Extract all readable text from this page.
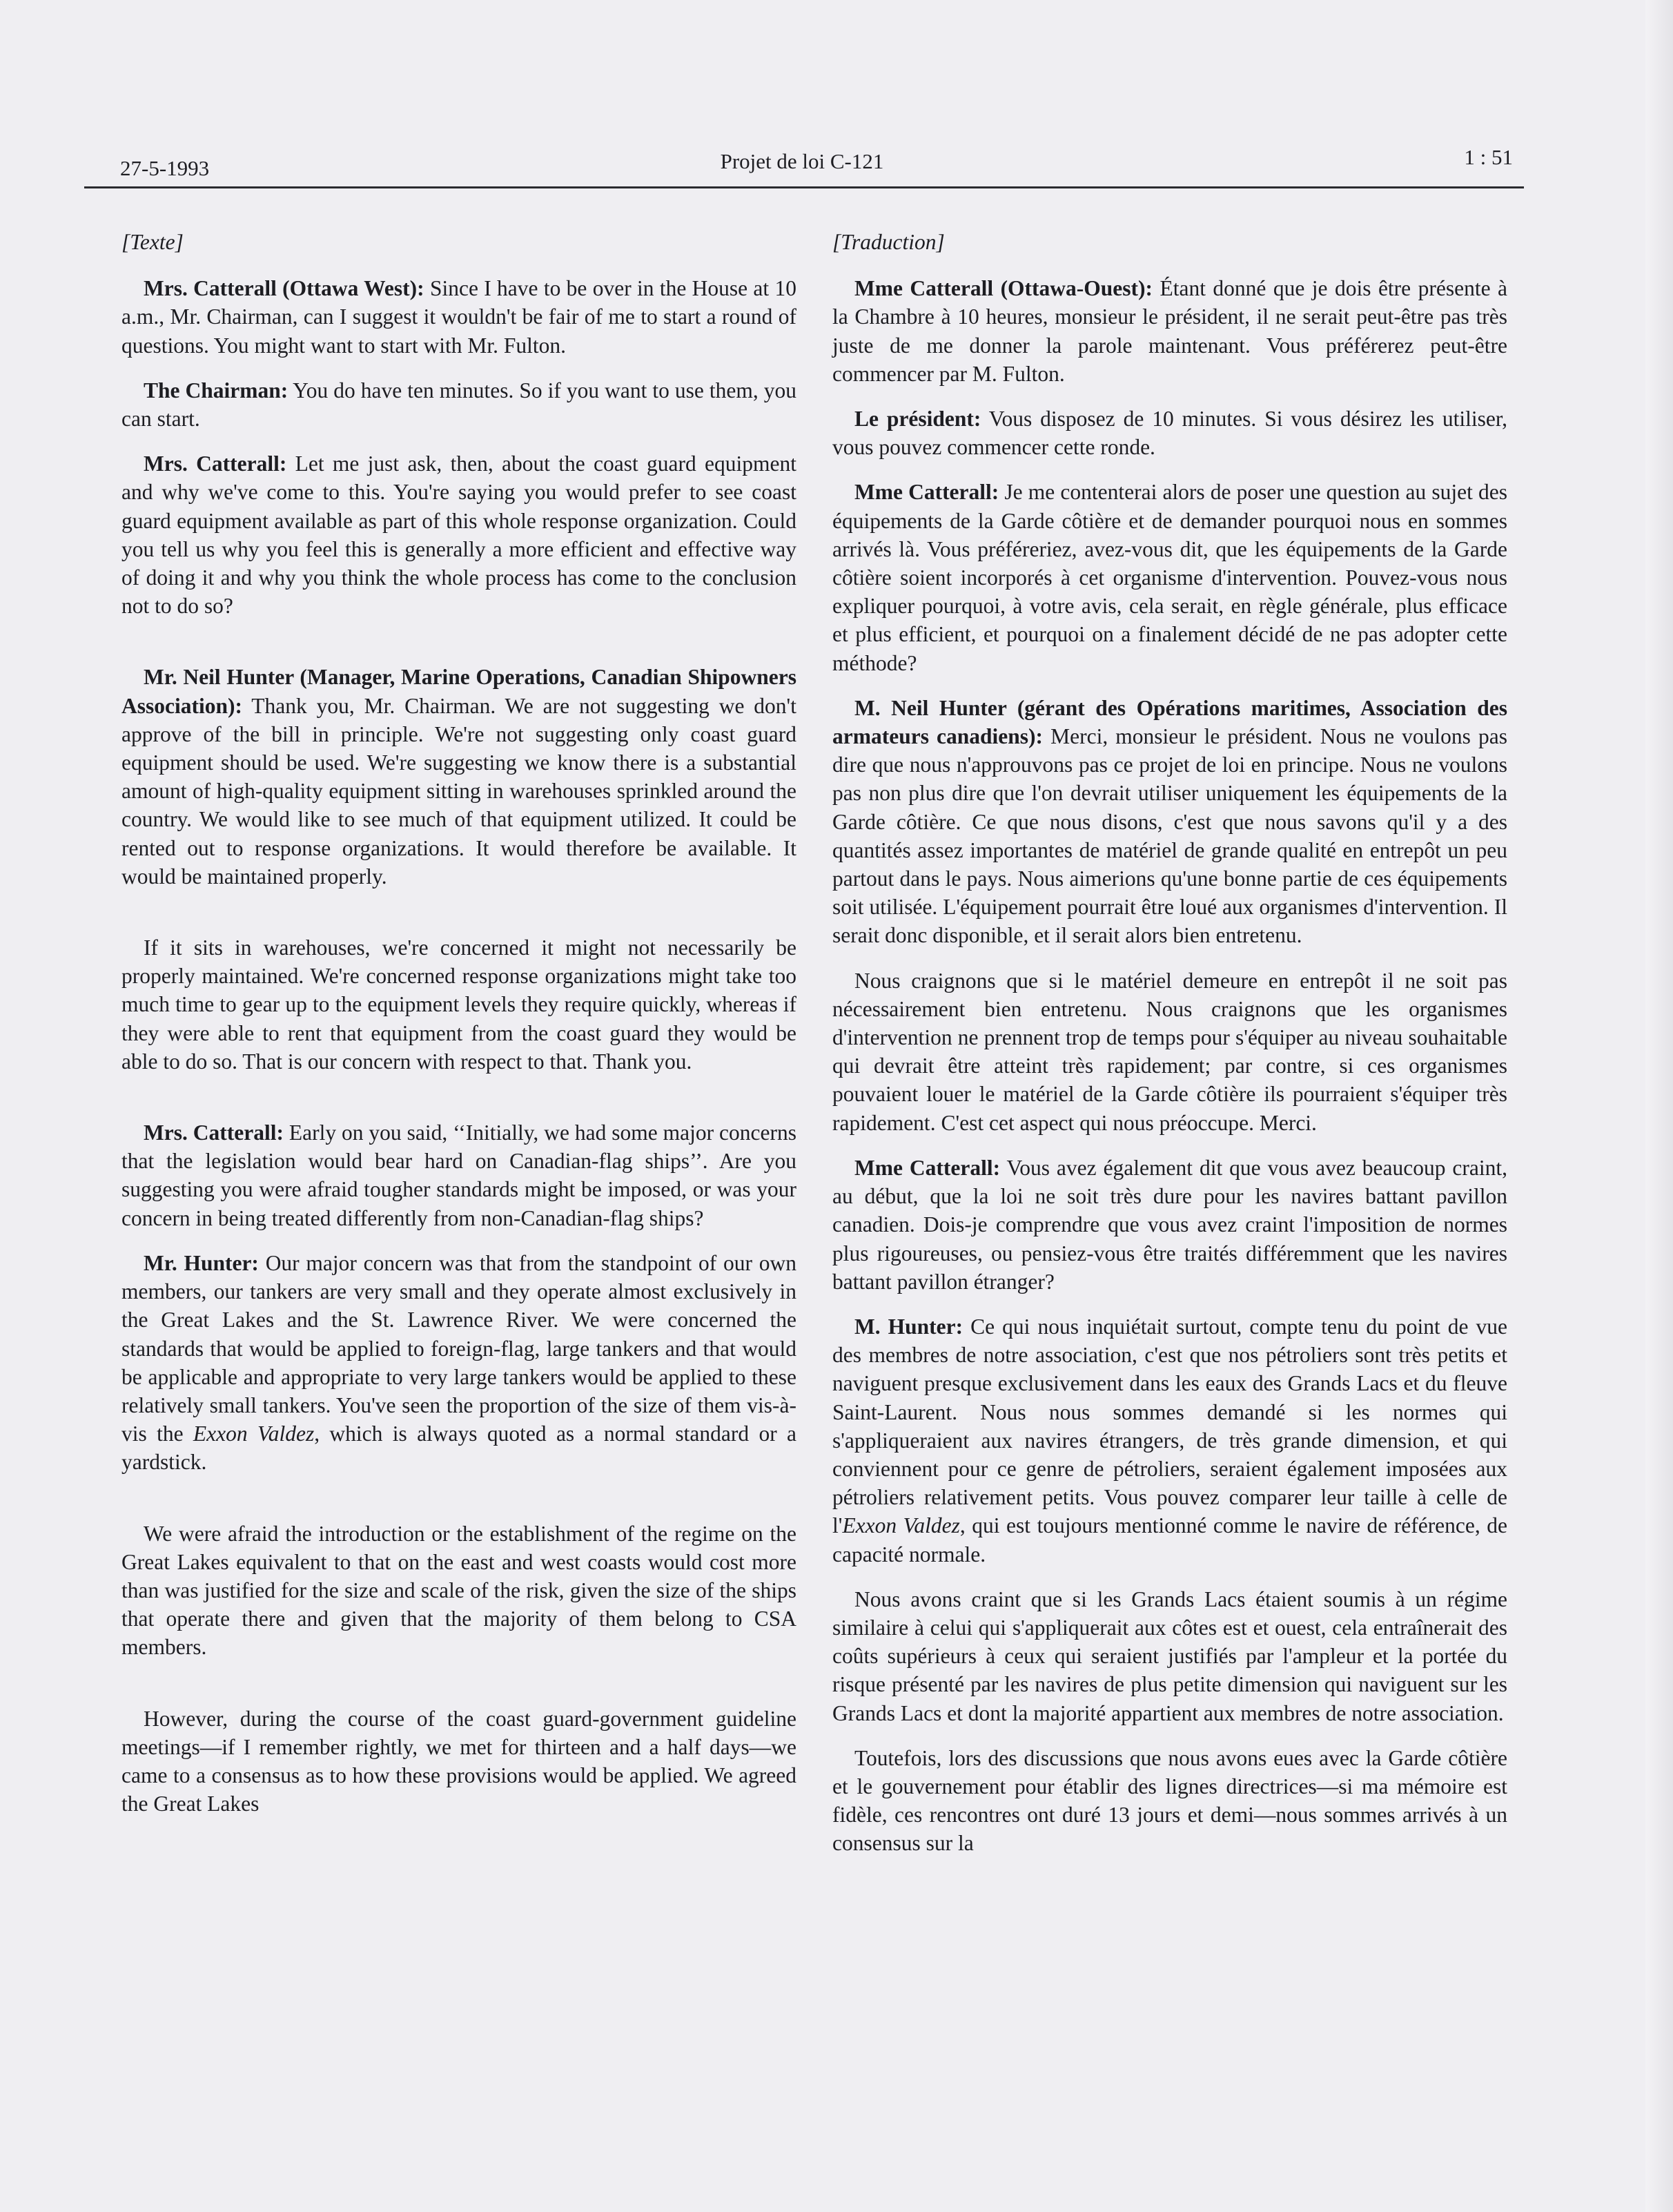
27-5-1993	Projet de loi C-121	1 : 51

[Texte]

Mrs. Catterall (Ottawa West): Since I have to be over in the House at 10 a.m., Mr. Chairman, can I suggest it wouldn't be fair of me to start a round of questions. You might want to start with Mr. Fulton.

The Chairman: You do have ten minutes. So if you want to use them, you can start.

Mrs. Catterall: Let me just ask, then, about the coast guard equipment and why we've come to this. You're saying you would prefer to see coast guard equipment available as part of this whole response organization. Could you tell us why you feel this is generally a more efficient and effective way of doing it and why you think the whole process has come to the conclusion not to do so?

Mr. Neil Hunter (Manager, Marine Operations, Canadian Shipowners Association): Thank you, Mr. Chairman. We are not suggesting we don't approve of the bill in principle. We're not suggesting only coast guard equipment should be used. We're suggesting we know there is a substantial amount of high-quality equipment sitting in warehouses sprinkled around the country. We would like to see much of that equipment utilized. It could be rented out to response organizations. It would therefore be available. It would be maintained properly.

If it sits in warehouses, we're concerned it might not necessarily be properly maintained. We're concerned response organizations might take too much time to gear up to the equipment levels they require quickly, whereas if they were able to rent that equipment from the coast guard they would be able to do so. That is our concern with respect to that. Thank you.

Mrs. Catterall: Early on you said, ‘‘Initially, we had some major concerns that the legislation would bear hard on Canadian-flag ships’’. Are you suggesting you were afraid tougher standards might be imposed, or was your concern in being treated differently from non-Canadian-flag ships?

Mr. Hunter: Our major concern was that from the standpoint of our own members, our tankers are very small and they operate almost exclusively in the Great Lakes and the St. Lawrence River. We were concerned the standards that would be applied to foreign-flag, large tankers and that would be applicable and appropriate to very large tankers would be applied to these relatively small tankers. You've seen the proportion of the size of them vis-à-vis the Exxon Valdez, which is always quoted as a normal standard or a yardstick.

We were afraid the introduction or the establishment of the regime on the Great Lakes equivalent to that on the east and west coasts would cost more than was justified for the size and scale of the risk, given the size of the ships that operate there and given that the majority of them belong to CSA members.

However, during the course of the coast guard-government guideline meetings—if I remember rightly, we met for thirteen and a half days—we came to a consensus as to how these provisions would be applied. We agreed the Great Lakes

[Traduction]

Mme Catterall (Ottawa-Ouest): Étant donné que je dois être présente à la Chambre à 10 heures, monsieur le président, il ne serait peut-être pas très juste de me donner la parole maintenant. Vous préférerez peut-être commencer par M. Fulton.

Le président: Vous disposez de 10 minutes. Si vous désirez les utiliser, vous pouvez commencer cette ronde.

Mme Catterall: Je me contenterai alors de poser une question au sujet des équipements de la Garde côtière et de demander pourquoi nous en sommes arrivés là. Vous préféreriez, avez-vous dit, que les équipements de la Garde côtière soient incorporés à cet organisme d'intervention. Pouvez-vous nous expliquer pourquoi, à votre avis, cela serait, en règle générale, plus efficace et plus efficient, et pourquoi on a finalement décidé de ne pas adopter cette méthode?

M. Neil Hunter (gérant des Opérations maritimes, Association des armateurs canadiens): Merci, monsieur le président. Nous ne voulons pas dire que nous n'approuvons pas ce projet de loi en principe. Nous ne voulons pas non plus dire que l'on devrait utiliser uniquement les équipements de la Garde côtière. Ce que nous disons, c'est que nous savons qu'il y a des quantités assez importantes de matériel de grande qualité en entrepôt un peu partout dans le pays. Nous aimerions qu'une bonne partie de ces équipements soit utilisée. L'équipement pourrait être loué aux organismes d'intervention. Il serait donc disponible, et il serait alors bien entretenu.

Nous craignons que si le matériel demeure en entrepôt il ne soit pas nécessairement bien entretenu. Nous craignons que les organismes d'intervention ne prennent trop de temps pour s'équiper au niveau souhaitable qui devrait être atteint très rapidement; par contre, si ces organismes pouvaient louer le matériel de la Garde côtière ils pourraient s'équiper très rapidement. C'est cet aspect qui nous préoccupe. Merci.

Mme Catterall: Vous avez également dit que vous avez beaucoup craint, au début, que la loi ne soit très dure pour les navires battant pavillon canadien. Dois-je comprendre que vous avez craint l'imposition de normes plus rigoureuses, ou pensiez-vous être traités différemment que les navires battant pavillon étranger?

M. Hunter: Ce qui nous inquiétait surtout, compte tenu du point de vue des membres de notre association, c'est que nos pétroliers sont très petits et naviguent presque exclusivement dans les eaux des Grands Lacs et du fleuve Saint-Laurent. Nous nous sommes demandé si les normes qui s'appliqueraient aux navires étrangers, de très grande dimension, et qui conviennent pour ce genre de pétroliers, seraient également imposées aux pétroliers relativement petits. Vous pouvez comparer leur taille à celle de l'Exxon Valdez, qui est toujours mentionné comme le navire de référence, de capacité normale.

Nous avons craint que si les Grands Lacs étaient soumis à un régime similaire à celui qui s'appliquerait aux côtes est et ouest, cela entraînerait des coûts supérieurs à ceux qui seraient justifiés par l'ampleur et la portée du risque présenté par les navires de plus petite dimension qui naviguent sur les Grands Lacs et dont la majorité appartient aux membres de notre association.

Toutefois, lors des discussions que nous avons eues avec la Garde côtière et le gouvernement pour établir des lignes directrices—si ma mémoire est fidèle, ces rencontres ont duré 13 jours et demi—nous sommes arrivés à un consensus sur la
